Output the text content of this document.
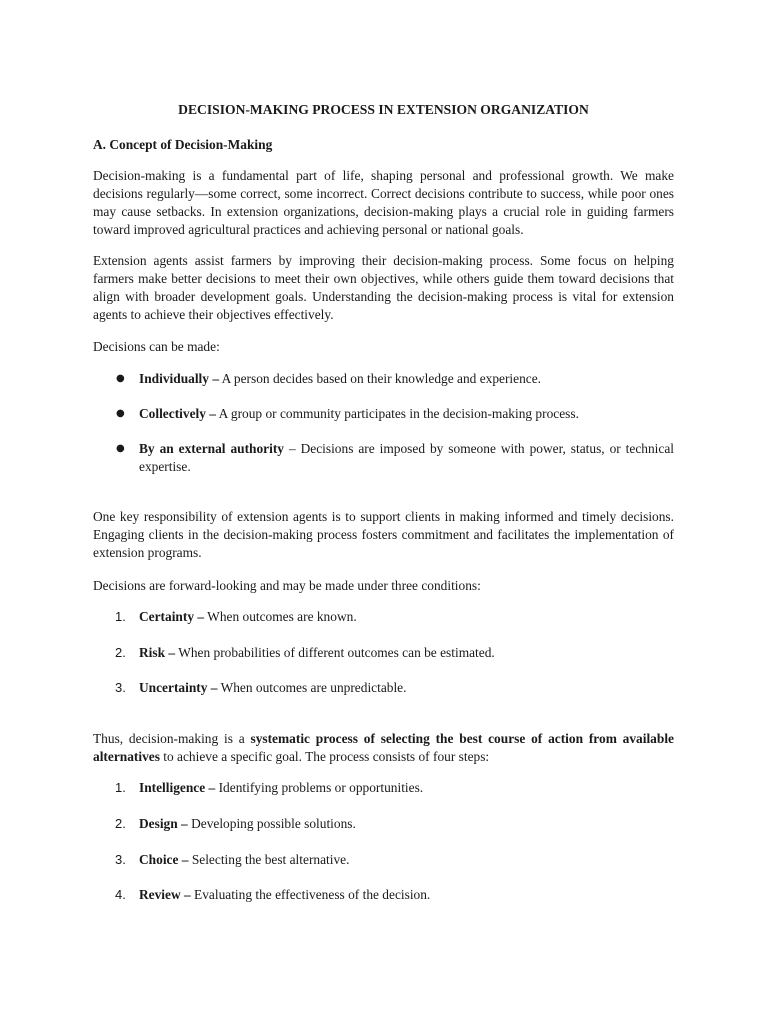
DECISION-MAKING PROCESS IN EXTENSION ORGANIZATION
A. Concept of Decision-Making

Decision-making is a fundamental part of life, shaping personal and professional growth. We make decisions regularly—some correct, some incorrect. Correct decisions contribute to success, while poor ones may cause setbacks. In extension organizations, decision-making plays a crucial role in guiding farmers toward improved agricultural practices and achieving personal or national goals.

Extension agents assist farmers by improving their decision-making process. Some focus on helping farmers make better decisions to meet their own objectives, while others guide them toward decisions that align with broader development goals. Understanding the decision-making process is vital for extension agents to achieve their objectives effectively.

Decisions can be made:

●	Individually – A person decides based on their knowledge and experience.
●	Collectively – A group or community participates in the decision-making process.
●	By an external authority – Decisions are imposed by someone with power, status, or technical expertise.

One key responsibility of extension agents is to support clients in making informed and timely decisions. Engaging clients in the decision-making process fosters commitment and facilitates the implementation of extension programs.

Decisions are forward-looking and may be made under three conditions:

1. Certainty – When outcomes are known.
2. Risk – When probabilities of different outcomes can be estimated.
3. Uncertainty – When outcomes are unpredictable.

Thus, decision-making is a systematic process of selecting the best course of action from available alternatives to achieve a specific goal. The process consists of four steps:

1. Intelligence – Identifying problems or opportunities.
2. Design – Developing possible solutions.
3. Choice – Selecting the best alternative.
4. Review – Evaluating the effectiveness of the decision.
